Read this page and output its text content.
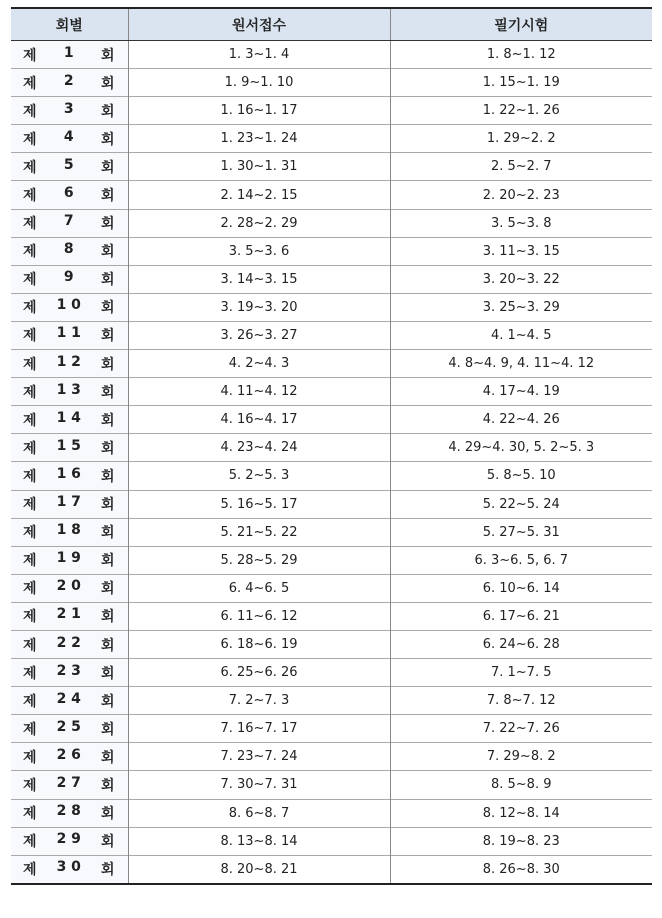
회별	원서접수	필기시험

제 1 회	1. 3~1. 4	1. 8~1. 12

제 2 회	1. 9~1. 10	1. 15~1. 19

제 3 회	1. 16~1. 17	1. 22~1. 26

제 4 회	1. 23~1. 24	1. 29~2. 2

제 5 회	1. 30~1. 31	2. 5~2. 7

제 6 회	2. 14~2. 15	2. 20~2. 23

제 7 회	2. 28~2. 29	3. 5~3. 8

제 8 회	3. 5~3. 6	3. 11~3. 15

제 9 회	3. 14~3. 15	3. 20~3. 22

제 1 0 회	3. 19~3. 20	3. 25~3. 29

제 1 1 회	3. 26~3. 27	4. 1~4. 5

제 1 2 회	4. 2~4. 3	4. 8~4. 9, 4. 11~4. 12

제 1 3 회	4. 11~4. 12	4. 17~4. 19

제 1 4 회	4. 16~4. 17	4. 22~4. 26

제 1 5 회	4. 23~4. 24	4. 29~4. 30, 5. 2~5. 3

제 1 6 회	5. 2~5. 3	5. 8~5. 10

제 1 7 회	5. 16~5. 17	5. 22~5. 24

제 1 8 회	5. 21~5. 22	5. 27~5. 31

제 1 9 회	5. 28~5. 29	6. 3~6. 5, 6. 7

제 2 0 회	6. 4~6. 5	6. 10~6. 14

제 2 1 회	6. 11~6. 12	6. 17~6. 21

제 2 2 회	6. 18~6. 19	6. 24~6. 28

제 2 3 회	6. 25~6. 26	7. 1~7. 5

제 2 4 회	7. 2~7. 3	7. 8~7. 12

제 2 5 회	7. 16~7. 17	7. 22~7. 26

제 2 6 회	7. 23~7. 24	7. 29~8. 2

제 2 7 회	7. 30~7. 31	8. 5~8. 9

제 2 8 회	8. 6~8. 7	8. 12~8. 14

제 2 9 회	8. 13~8. 14	8. 19~8. 23

제 3 0 회	8. 20~8. 21	8. 26~8. 30
